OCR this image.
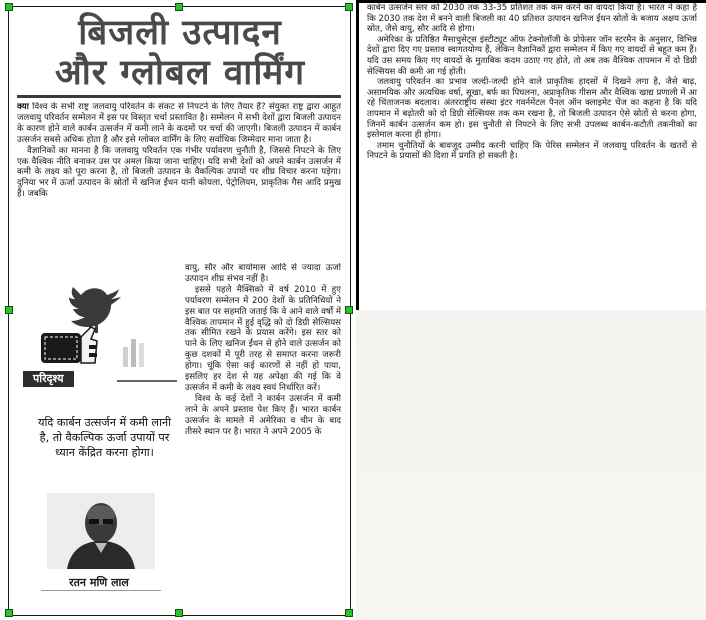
बिजली उत्पादन
और ग्लोबल वार्मिंग

क्या विश्व के सभी राष्ट्र जलवायु परिवर्तन के संकट से निपटने के लिए तैयार हैं? संयुक्त राष्ट्र द्वारा आहूत जलवायु परिवर्तन सम्मेलन में इस पर विस्तृत चर्चा प्रस्तावित है। सम्मेलन में सभी देशों द्वारा बिजली उत्पादन के कारण होने वाले कार्बन उत्सर्जन में कमी लाने के कदमों पर चर्चा की जाएगी। बिजली उत्पादन में कार्बन उत्सर्जन सबसे अधिक होता है और इसे ग्लोबल वार्मिंग के लिए सर्वाधिक जिम्मेदार माना जाता है।

वैज्ञानिकों का मानना है कि जलवायु परिवर्तन एक गंभीर पर्यावरण चुनौती है, जिससे निपटने के लिए एक वैश्विक नीति बनाकर उस पर अमल किया जाना चाहिए। यदि सभी देशों को अपने कार्बन उत्सर्जन में कमी के लक्ष्य को पूरा करना है, तो बिजली उत्पादन के वैकल्पिक उपायों पर शीघ्र विचार करना पड़ेगा। दुनिया भर में ऊर्जा उत्पादन के स्रोतों में खनिज ईंधन यानी कोयला, पेट्रोलियम, प्राकृतिक गैस आदि प्रमुख हैं। जबकि

वायु, सौर और बायोमास आदि से ज्यादा ऊर्जा उत्पादन शीघ्र संभव नहीं है।

इससे पहले मैक्सिको में वर्ष 2010 में हुए पर्यावरण सम्मेलन में 200 देशों के प्रतिनिधियों ने इस बात पर सहमति जताई कि वे आने वाले वर्षों में वैश्विक तापमान में हुई वृद्धि को दो डिग्री सेल्सियस तक सीमित रखने के प्रयास करेंगे। इस स्तर को पाने के लिए खनिज ईंधन से होने वाले उत्सर्जन को कुछ दशकों में पूरी तरह से समाप्त करना जरूरी होगा। चूंकि ऐसा कई कारणों से नहीं हो पाया, इसलिए हर देश से यह अपेक्षा की गई कि वे उत्सर्जन में कमी के लक्ष्य स्वयं निर्धारित करें।

विश्व के कई देशों ने कार्बन उत्सर्जन में कमी लाने के अपने प्रस्ताव पेश किए हैं। भारत कार्बन उत्सर्जन के मामले में अमेरिका व चीन के बाद तीसरे स्थान पर है। भारत ने अपने 2005 के

परिदृश्य
यदि कार्बन उत्सर्जन में कमी लानी है, तो वैकल्पिक ऊर्जा उपायों पर ध्यान केंद्रित करना होगा।
रतन मणि लाल

कार्बन उत्सर्जन स्तर को 2030 तक 33-35 प्रतिशत तक कम करने का वायदा किया है। भारत ने कहा है कि 2030 तक देश में बनने वाली बिजली का 40 प्रतिशत उत्पादन खनिज ईंधन स्रोतों के बजाय अक्षय ऊर्जा स्रोत, जैसे वायु, सौर आदि से होगा।

अमेरिका के प्रतिष्ठित मैसाचुसेट्स इंस्टीट्यूट ऑफ टेक्नोलॉजी के प्रोफेसर जॉन स्टरमैन के अनुसार, विभिन्न देशों द्वारा दिए गए प्रस्ताव स्वागतयोग्य हैं, लेकिन वैज्ञानिकों द्वारा सम्मेलन में किए गए वायदों से बहुत कम हैं। यदि उस समय किए गए वायदों के मुताबिक कदम उठाए गए होते, तो अब तक वैश्विक तापमान में दो डिग्री सेल्सियस की कमी आ गई होती।

जलवायु परिवर्तन का प्रभाव जल्दी-जल्दी होने वाले प्राकृतिक हादसों में दिखने लगा है, जैसे बाढ़, असामयिक और अत्यधिक वर्षा, सूखा, बर्फ का पिघलना, अप्राकृतिक गीसम और वैश्विक खाद्य प्रणाली में आ रहे चिंताजनक बदलाव। अंतरराष्ट्रीय संस्था इंटर गवर्नमेंटल पैनल ऑन क्लाइमेट चेंज का कहना है कि यदि तापमान में बढ़ोतरी को दो डिग्री सेल्सियस तक कम रखना है, तो बिजली उत्पादन ऐसे स्रोतों से करना होगा, जिनमें कार्बन उत्सर्जन कम हो। इस चुनौती से निपटने के लिए सभी उपलब्ध कार्बन-कटौती तकनीकों का इस्तेमाल करना ही होगा।

तमाम चुनौतियों के बावजूद उम्मीद करनी चाहिए कि पेरिस सम्मेलन में जलवायु परिवर्तन के खतरों से निपटने के प्रयासों की दिशा में प्रगति हो सकती है।
